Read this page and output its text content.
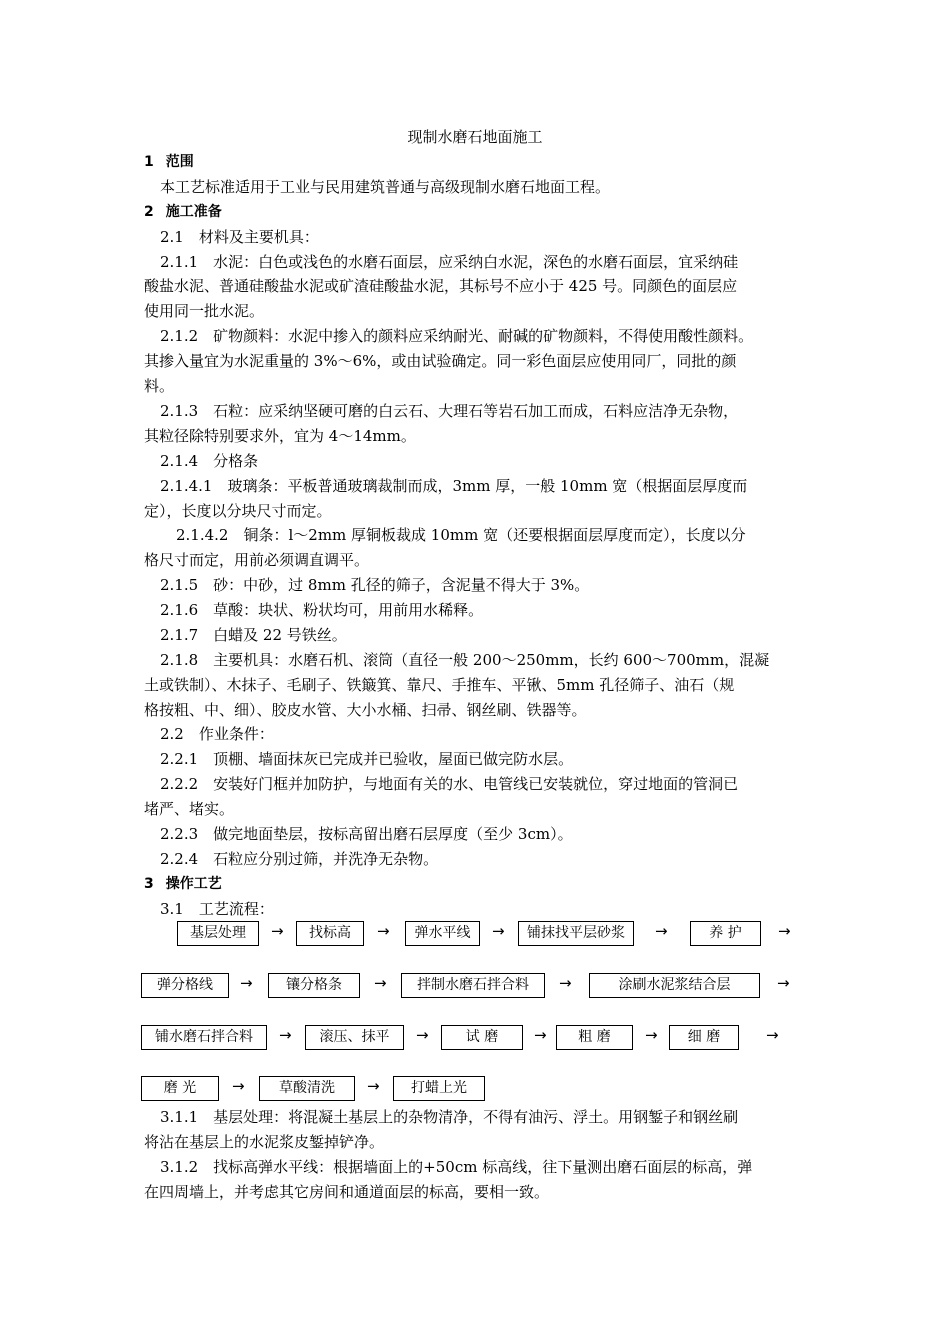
现制水磨石地面施工
1 范围
本工艺标准适用于工业与民用建筑普通与高级现制水磨石地面工程。
2 施工准备
2.1　材料及主要机具：
2.1.1　水泥：白色或浅色的水磨石面层，应采纳白水泥，深色的水磨石面层，宜采纳硅
酸盐水泥、普通硅酸盐水泥或矿渣硅酸盐水泥，其标号不应小于 425 号。同颜色的面层应
使用同一批水泥。
2.1.2　矿物颜料：水泥中掺入的颜料应采纳耐光、耐碱的矿物颜料，不得使用酸性颜料。
其掺入量宜为水泥重量的 3%～6%，或由试验确定。同一彩色面层应使用同厂，同批的颜
料。
2.1.3　石粒：应采纳坚硬可磨的白云石、大理石等岩石加工而成，石料应洁净无杂物，
其粒径除特别要求外，宜为 4～14mm。
2.1.4　分格条
2.1.4.1　玻璃条：平板普通玻璃裁制而成，3mm 厚，一般 10mm 宽（根据面层厚度而
定），长度以分块尺寸而定。
2.1.4.2　铜条：l～2mm 厚铜板裁成 10mm 宽（还要根据面层厚度而定），长度以分
格尺寸而定，用前必须调直调平。
2.1.5　砂：中砂，过 8mm 孔径的筛子，含泥量不得大于 3%。
2.1.6　草酸：块状、粉状均可，用前用水稀释。
2.1.7　白蜡及 22 号铁丝。
2.1.8　主要机具：水磨石机、滚筒（直径一般 200～250mm，长约 600～700mm，混凝
土或铁制）、木抹子、毛刷子、铁簸箕、靠尺、手推车、平锹、5mm 孔径筛子、油石（规
格按粗、中、细）、胶皮水管、大小水桶、扫帚、钢丝刷、铁器等。
2.2　作业条件：
2.2.1　顶棚、墙面抹灰已完成并已验收，屋面已做完防水层。
2.2.2　安装好门框并加防护，与地面有关的水、电管线已安装就位，穿过地面的管洞已
堵严、堵实。
2.2.3　做完地面垫层，按标高留出磨石层厚度（至少 3cm）。
2.2.4　石粒应分别过筛，并洗净无杂物。
3 操作工艺
3.1　工艺流程：
基层处理	→	找标高	→	弹水平线	→	铺抹找平层砂浆	→	养 护	→
弹分格线	→	镶分格条	→	拌制水磨石拌合料	→	涂刷水泥浆结合层	→
铺水磨石拌合料	→	滚压、抹平	→	试 磨	→	粗 磨	→	细 磨	→
磨 光	→	草酸清洗	→	打蜡上光
3.1.1　基层处理：将混凝土基层上的杂物清净，不得有油污、浮土。用钢錾子和钢丝刷
将沾在基层上的水泥浆皮錾掉铲净。
3.1.2　找标高弹水平线：根据墙面上的+50cm 标高线，往下量测出磨石面层的标高，弹
在四周墙上，并考虑其它房间和通道面层的标高，要相一致。
